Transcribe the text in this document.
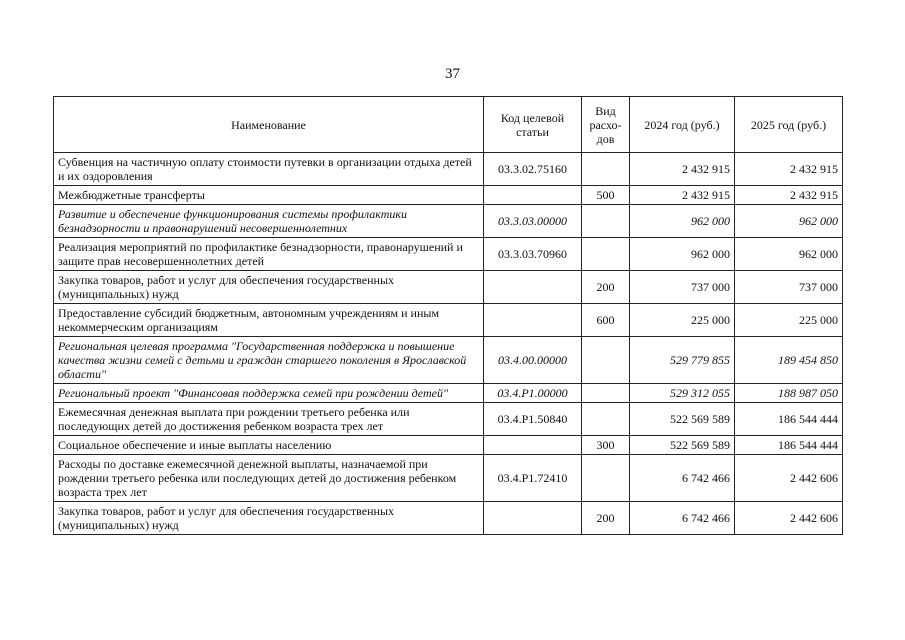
37
Наименование	Код целевой статьи	Вид расхо-дов	2024 год (руб.)	2025 год (руб.)
Субвенция на частичную оплату стоимости путевки в организации отдыха детей и их оздоровления	03.3.02.75160		2 432 915	2 432 915
Межбюджетные трансферты		500	2 432 915	2 432 915
Развитие и обеспечение функционирования системы профилактики безнадзорности и правонарушений несовершеннолетних	03.3.03.00000		962 000	962 000
Реализация мероприятий по профилактике безнадзорности, правонарушений и защите прав несовершеннолетних детей	03.3.03.70960		962 000	962 000
Закупка товаров, работ и услуг для обеспечения государственных (муниципальных) нужд		200	737 000	737 000
Предоставление субсидий бюджетным, автономным учреждениям и иным некоммерческим организациям		600	225 000	225 000
Региональная целевая программа "Государственная поддержка и повышение качества жизни семей с детьми и граждан старшего поколения в Ярославской области"	03.4.00.00000		529 779 855	189 454 850
Региональный проект "Финансовая поддержка семей при рождении детей"	03.4.P1.00000		529 312 055	188 987 050
Ежемесячная денежная выплата при рождении третьего ребенка или последующих детей до достижения ребенком возраста трех лет	03.4.P1.50840		522 569 589	186 544 444
Социальное обеспечение и иные выплаты населению		300	522 569 589	186 544 444
Расходы по доставке ежемесячной денежной выплаты, назначаемой при рождении третьего ребенка или последующих детей до достижения ребенком возраста трех лет	03.4.P1.72410		6 742 466	2 442 606
Закупка товаров, работ и услуг для обеспечения государственных (муниципальных) нужд		200	6 742 466	2 442 606
